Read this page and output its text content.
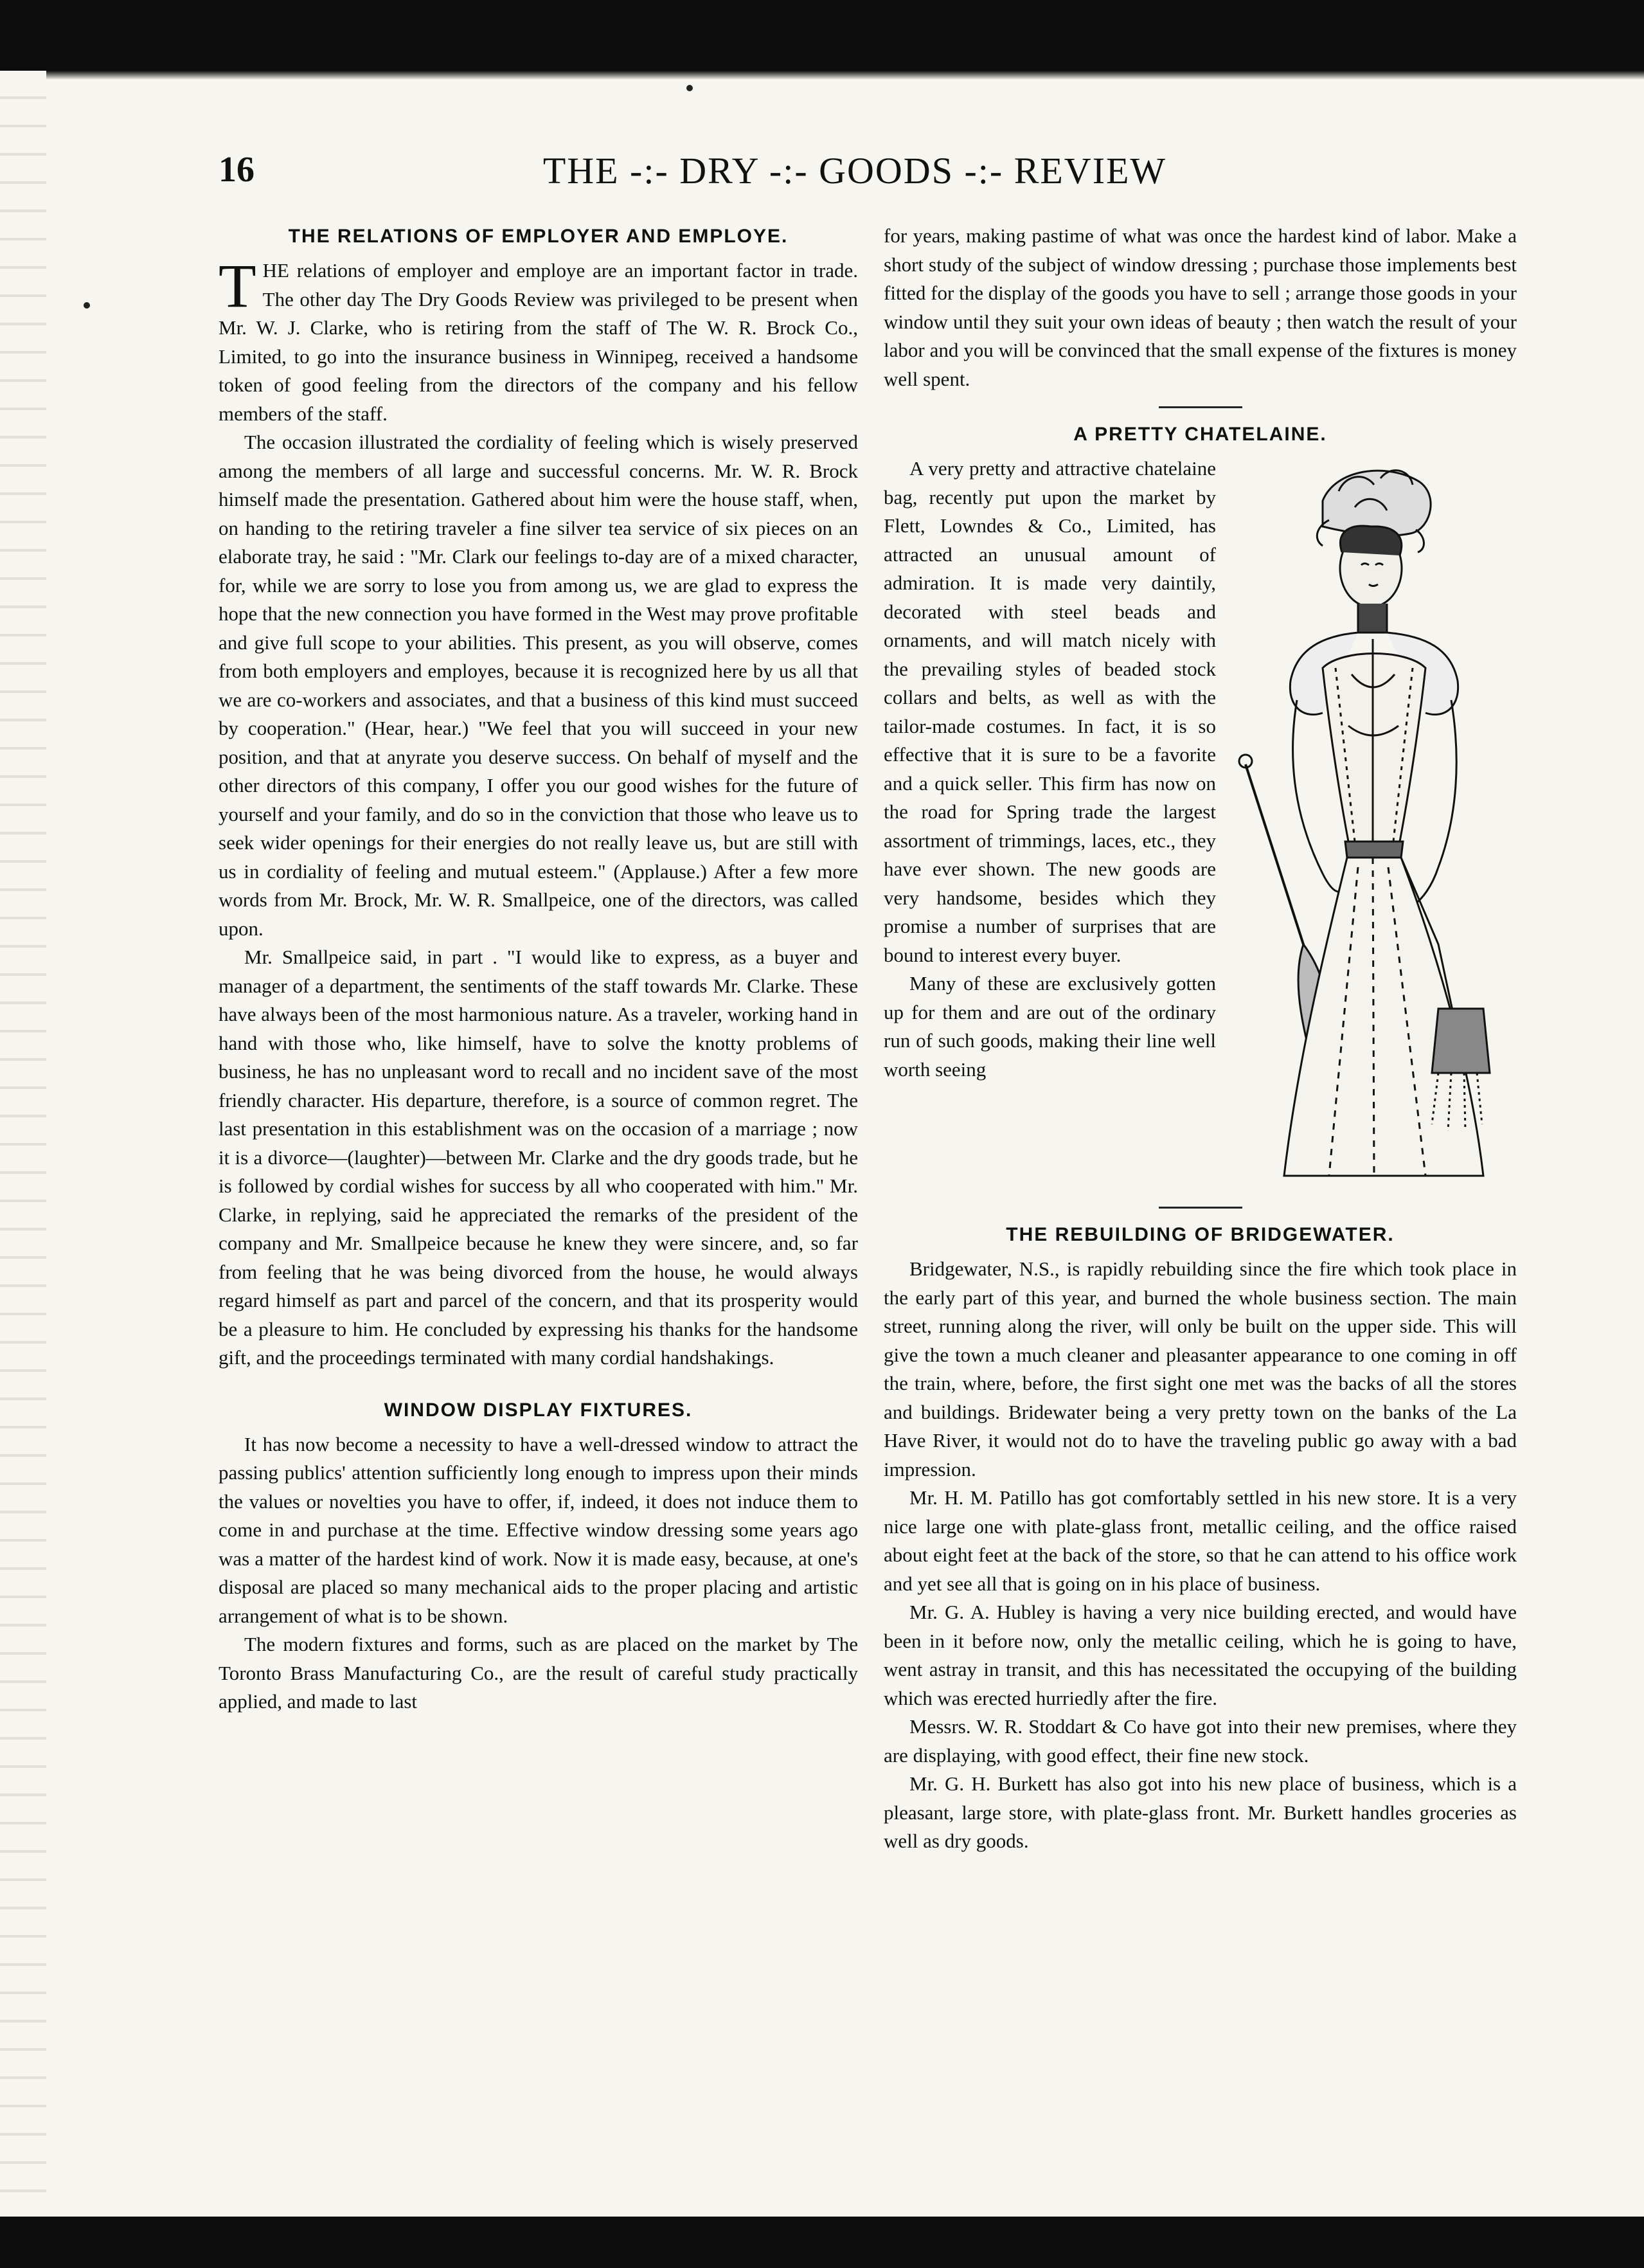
16	THE -:- DRY -:- GOODS -:- REVIEW
THE RELATIONS OF EMPLOYER AND EMPLOYE.

THE relations of employer and employe are an important factor in trade. The other day The Dry Goods Review was privileged to be present when Mr. W. J. Clarke, who is retiring from the staff of The W. R. Brock Co., Limited, to go into the insurance business in Winnipeg, received a handsome token of good feeling from the directors of the company and his fellow members of the staff.

The occasion illustrated the cordiality of feeling which is wisely preserved among the members of all large and successful concerns. Mr. W. R. Brock himself made the presentation. Gathered about him were the house staff, when, on handing to the retiring traveler a fine silver tea service of six pieces on an elaborate tray, he said : "Mr. Clark our feelings to-day are of a mixed character, for, while we are sorry to lose you from among us, we are glad to express the hope that the new connection you have formed in the West may prove profitable and give full scope to your abilities. This present, as you will observe, comes from both employers and employes, because it is recognized here by us all that we are co-workers and associates, and that a business of this kind must succeed by cooperation." (Hear, hear.) "We feel that you will succeed in your new position, and that at anyrate you deserve success. On behalf of myself and the other directors of this company, I offer you our good wishes for the future of yourself and your family, and do so in the conviction that those who leave us to seek wider openings for their energies do not really leave us, but are still with us in cordiality of feeling and mutual esteem." (Applause.) After a few more words from Mr. Brock, Mr. W. R. Smallpeice, one of the directors, was called upon.

Mr. Smallpeice said, in part . "I would like to express, as a buyer and manager of a department, the sentiments of the staff towards Mr. Clarke. These have always been of the most harmonious nature. As a traveler, working hand in hand with those who, like himself, have to solve the knotty problems of business, he has no unpleasant word to recall and no incident save of the most friendly character. His departure, therefore, is a source of common regret. The last presentation in this establishment was on the occasion of a marriage ; now it is a divorce—(laughter)—between Mr. Clarke and the dry goods trade, but he is followed by cordial wishes for success by all who cooperated with him." Mr. Clarke, in replying, said he appreciated the remarks of the president of the company and Mr. Smallpeice because he knew they were sincere, and, so far from feeling that he was being divorced from the house, he would always regard himself as part and parcel of the concern, and that its prosperity would be a pleasure to him. He concluded by expressing his thanks for the handsome gift, and the proceedings terminated with many cordial handshakings.

WINDOW DISPLAY FIXTURES.

It has now become a necessity to have a well-dressed window to attract the passing publics' attention sufficiently long enough to impress upon their minds the values or novelties you have to offer, if, indeed, it does not induce them to come in and purchase at the time. Effective window dressing some years ago was a matter of the hardest kind of work. Now it is made easy, because, at one's disposal are placed so many mechanical aids to the proper placing and artistic arrangement of what is to be shown.

The modern fixtures and forms, such as are placed on the market by The Toronto Brass Manufacturing Co., are the result of careful study practically applied, and made to last

for years, making pastime of what was once the hardest kind of labor. Make a short study of the subject of window dressing ; purchase those implements best fitted for the display of the goods you have to sell ; arrange those goods in your window until they suit your own ideas of beauty ; then watch the result of your labor and you will be convinced that the small expense of the fixtures is money well spent.

A PRETTY CHATELAINE.

A very pretty and attractive chatelaine bag, recently put upon the market by Flett, Lowndes & Co., Limited, has attracted an unusual amount of admiration. It is made very daintily, decorated with steel beads and ornaments, and will match nicely with the prevailing styles of beaded stock collars and belts, as well as with the tailor-made costumes. In fact, it is so effective that it is sure to be a favorite and a quick seller. This firm has now on the road for Spring trade the largest assortment of trimmings, laces, etc., they have ever shown. The new goods are very handsome, besides which they promise a number of surprises that are bound to interest every buyer.

Many of these are exclusively gotten up for them and are out of the ordinary run of such goods, making their line well worth seeing

THE REBUILDING OF BRIDGEWATER.

Bridgewater, N.S., is rapidly rebuilding since the fire which took place in the early part of this year, and burned the whole business section. The main street, running along the river, will only be built on the upper side. This will give the town a much cleaner and pleasanter appearance to one coming in off the train, where, before, the first sight one met was the backs of all the stores and buildings. Bridewater being a very pretty town on the banks of the La Have River, it would not do to have the traveling public go away with a bad impression.

Mr. H. M. Patillo has got comfortably settled in his new store. It is a very nice large one with plate-glass front, metallic ceiling, and the office raised about eight feet at the back of the store, so that he can attend to his office work and yet see all that is going on in his place of business.

Mr. G. A. Hubley is having a very nice building erected, and would have been in it before now, only the metallic ceiling, which he is going to have, went astray in transit, and this has necessitated the occupying of the building which was erected hurriedly after the fire.

Messrs. W. R. Stoddart & Co have got into their new premises, where they are displaying, with good effect, their fine new stock.

Mr. G. H. Burkett has also got into his new place of business, which is a pleasant, large store, with plate-glass front. Mr. Burkett handles groceries as well as dry goods.
